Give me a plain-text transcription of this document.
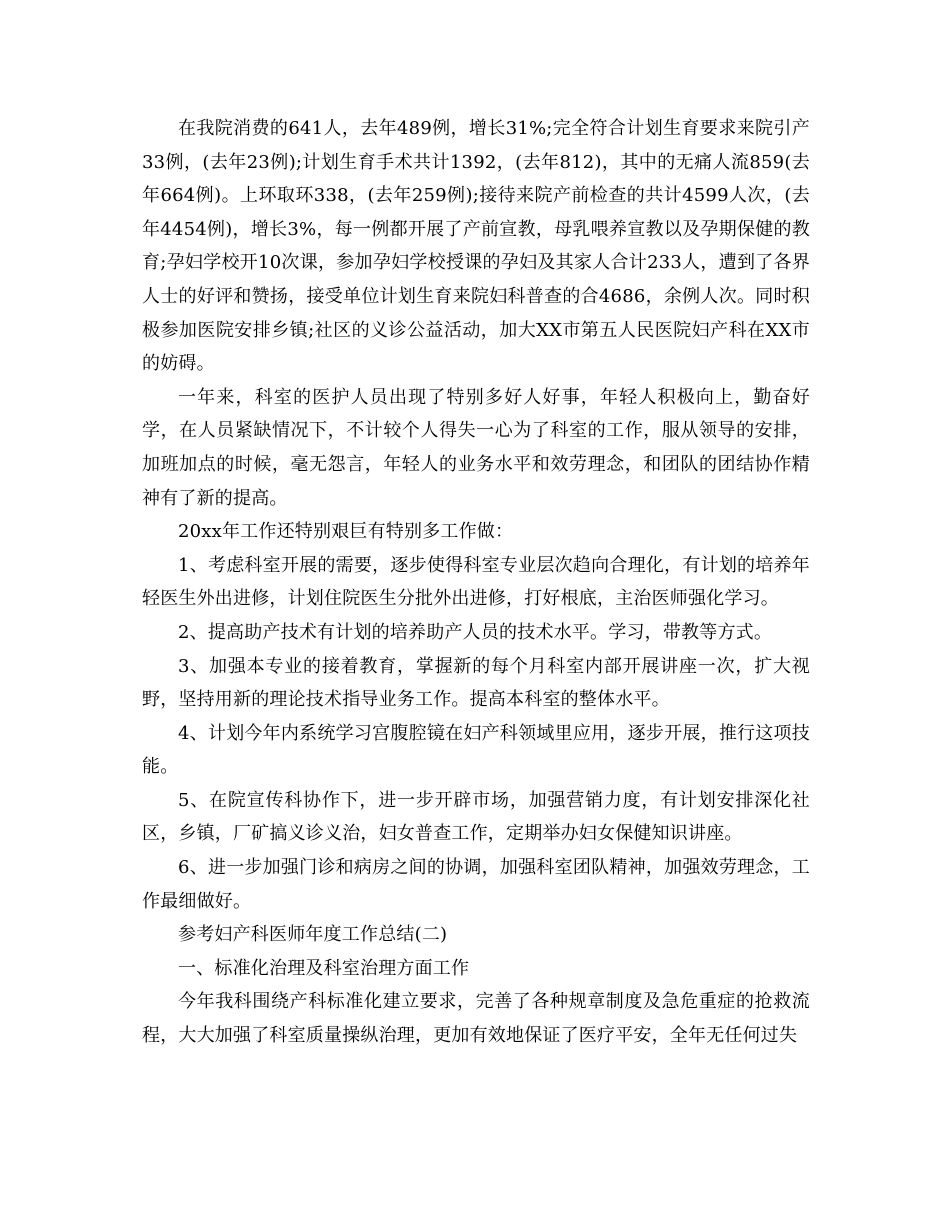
在我院消费的641人，去年489例，增长31%;完全符合计划生育要求来院引产33例，(去年23例);计划生育手术共计1392，(去年812)，其中的无痛人流859(去年664例)。上环取环338，(去年259例);接待来院产前检查的共计4599人次，(去年4454例)，增长3%，每一例都开展了产前宣教，母乳喂养宣教以及孕期保健的教育;孕妇学校开10次课，参加孕妇学校授课的孕妇及其家人合计233人，遭到了各界人士的好评和赞扬，接受单位计划生育来院妇科普查的合4686，余例人次。同时积极参加医院安排乡镇;社区的义诊公益活动，加大XX市第五人民医院妇产科在XX市的妨碍。

一年来，科室的医护人员出现了特别多好人好事，年轻人积极向上，勤奋好学，在人员紧缺情况下，不计较个人得失一心为了科室的工作，服从领导的安排，加班加点的时候，毫无怨言，年轻人的业务水平和效劳理念，和团队的团结协作精神有了新的提高。

20xx年工作还特别艰巨有特别多工作做：

1、考虑科室开展的需要，逐步使得科室专业层次趋向合理化，有计划的培养年轻医生外出进修，计划住院医生分批外出进修，打好根底，主治医师强化学习。

2、提高助产技术有计划的培养助产人员的技术水平。学习，带教等方式。

3、加强本专业的接着教育，掌握新的每个月科室内部开展讲座一次，扩大视野，坚持用新的理论技术指导业务工作。提高本科室的整体水平。

4、计划今年内系统学习宫腹腔镜在妇产科领域里应用，逐步开展，推行这项技能。

5、在院宣传科协作下，进一步开辟市场，加强营销力度，有计划安排深化社区，乡镇，厂矿搞义诊义治，妇女普查工作，定期举办妇女保健知识讲座。

6、进一步加强门诊和病房之间的协调，加强科室团队精神，加强效劳理念，工作最细做好。

参考妇产科医师年度工作总结(二)

一、标准化治理及科室治理方面工作

今年我科围绕产科标准化建立要求，完善了各种规章制度及急危重症的抢救流程，大大加强了科室质量操纵治理，更加有效地保证了医疗平安，全年无任何过失
